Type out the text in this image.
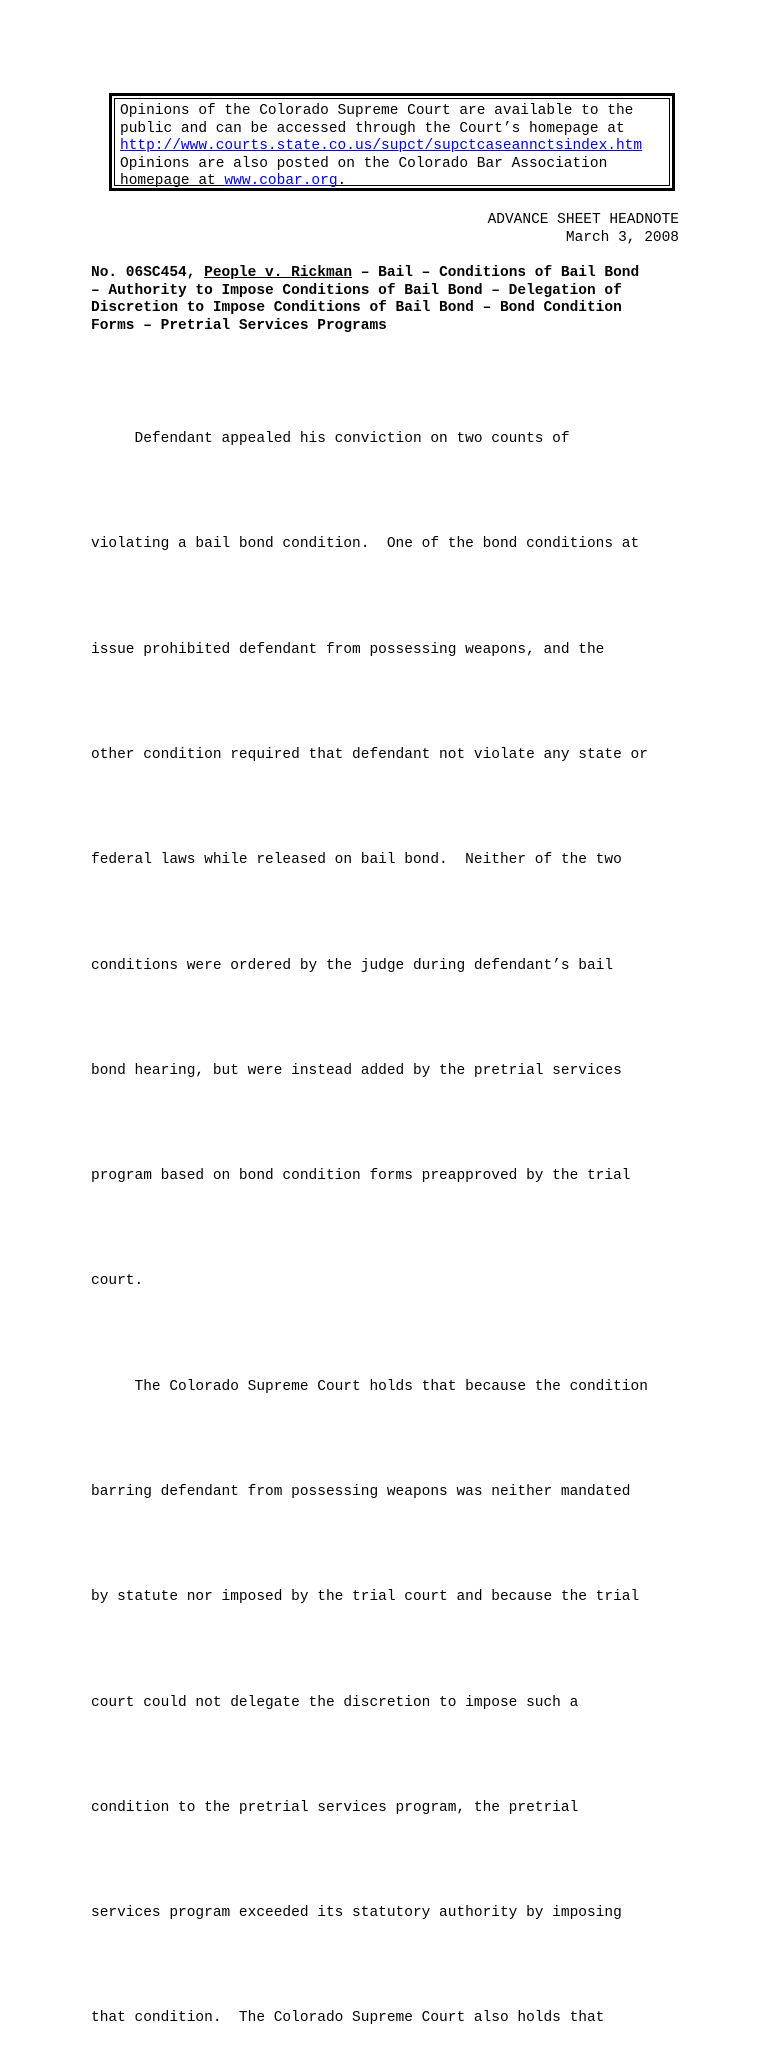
Opinions of the Colorado Supreme Court are available to the
public and can be accessed through the Court’s homepage at
http://www.courts.state.co.us/supct/supctcaseannctsindex.htm
Opinions are also posted on the Colorado Bar Association
homepage at www.cobar.org.
ADVANCE SHEET HEADNOTE
March 3, 2008
No. 06SC454, People v. Rickman – Bail – Conditions of Bail Bond
– Authority to Impose Conditions of Bail Bond – Delegation of
Discretion to Impose Conditions of Bail Bond – Bond Condition
Forms – Pretrial Services Programs

Defendant appealed his conviction on two counts of

violating a bail bond condition.  One of the bond conditions at

issue prohibited defendant from possessing weapons, and the

other condition required that defendant not violate any state or

federal laws while released on bail bond.  Neither of the two

conditions were ordered by the judge during defendant’s bail

bond hearing, but were instead added by the pretrial services

program based on bond condition forms preapproved by the trial

court.

The Colorado Supreme Court holds that because the condition

barring defendant from possessing weapons was neither mandated

by statute nor imposed by the trial court and because the trial

court could not delegate the discretion to impose such a

condition to the pretrial services program, the pretrial

services program exceeded its statutory authority by imposing

that condition.  The Colorado Supreme Court also holds that
